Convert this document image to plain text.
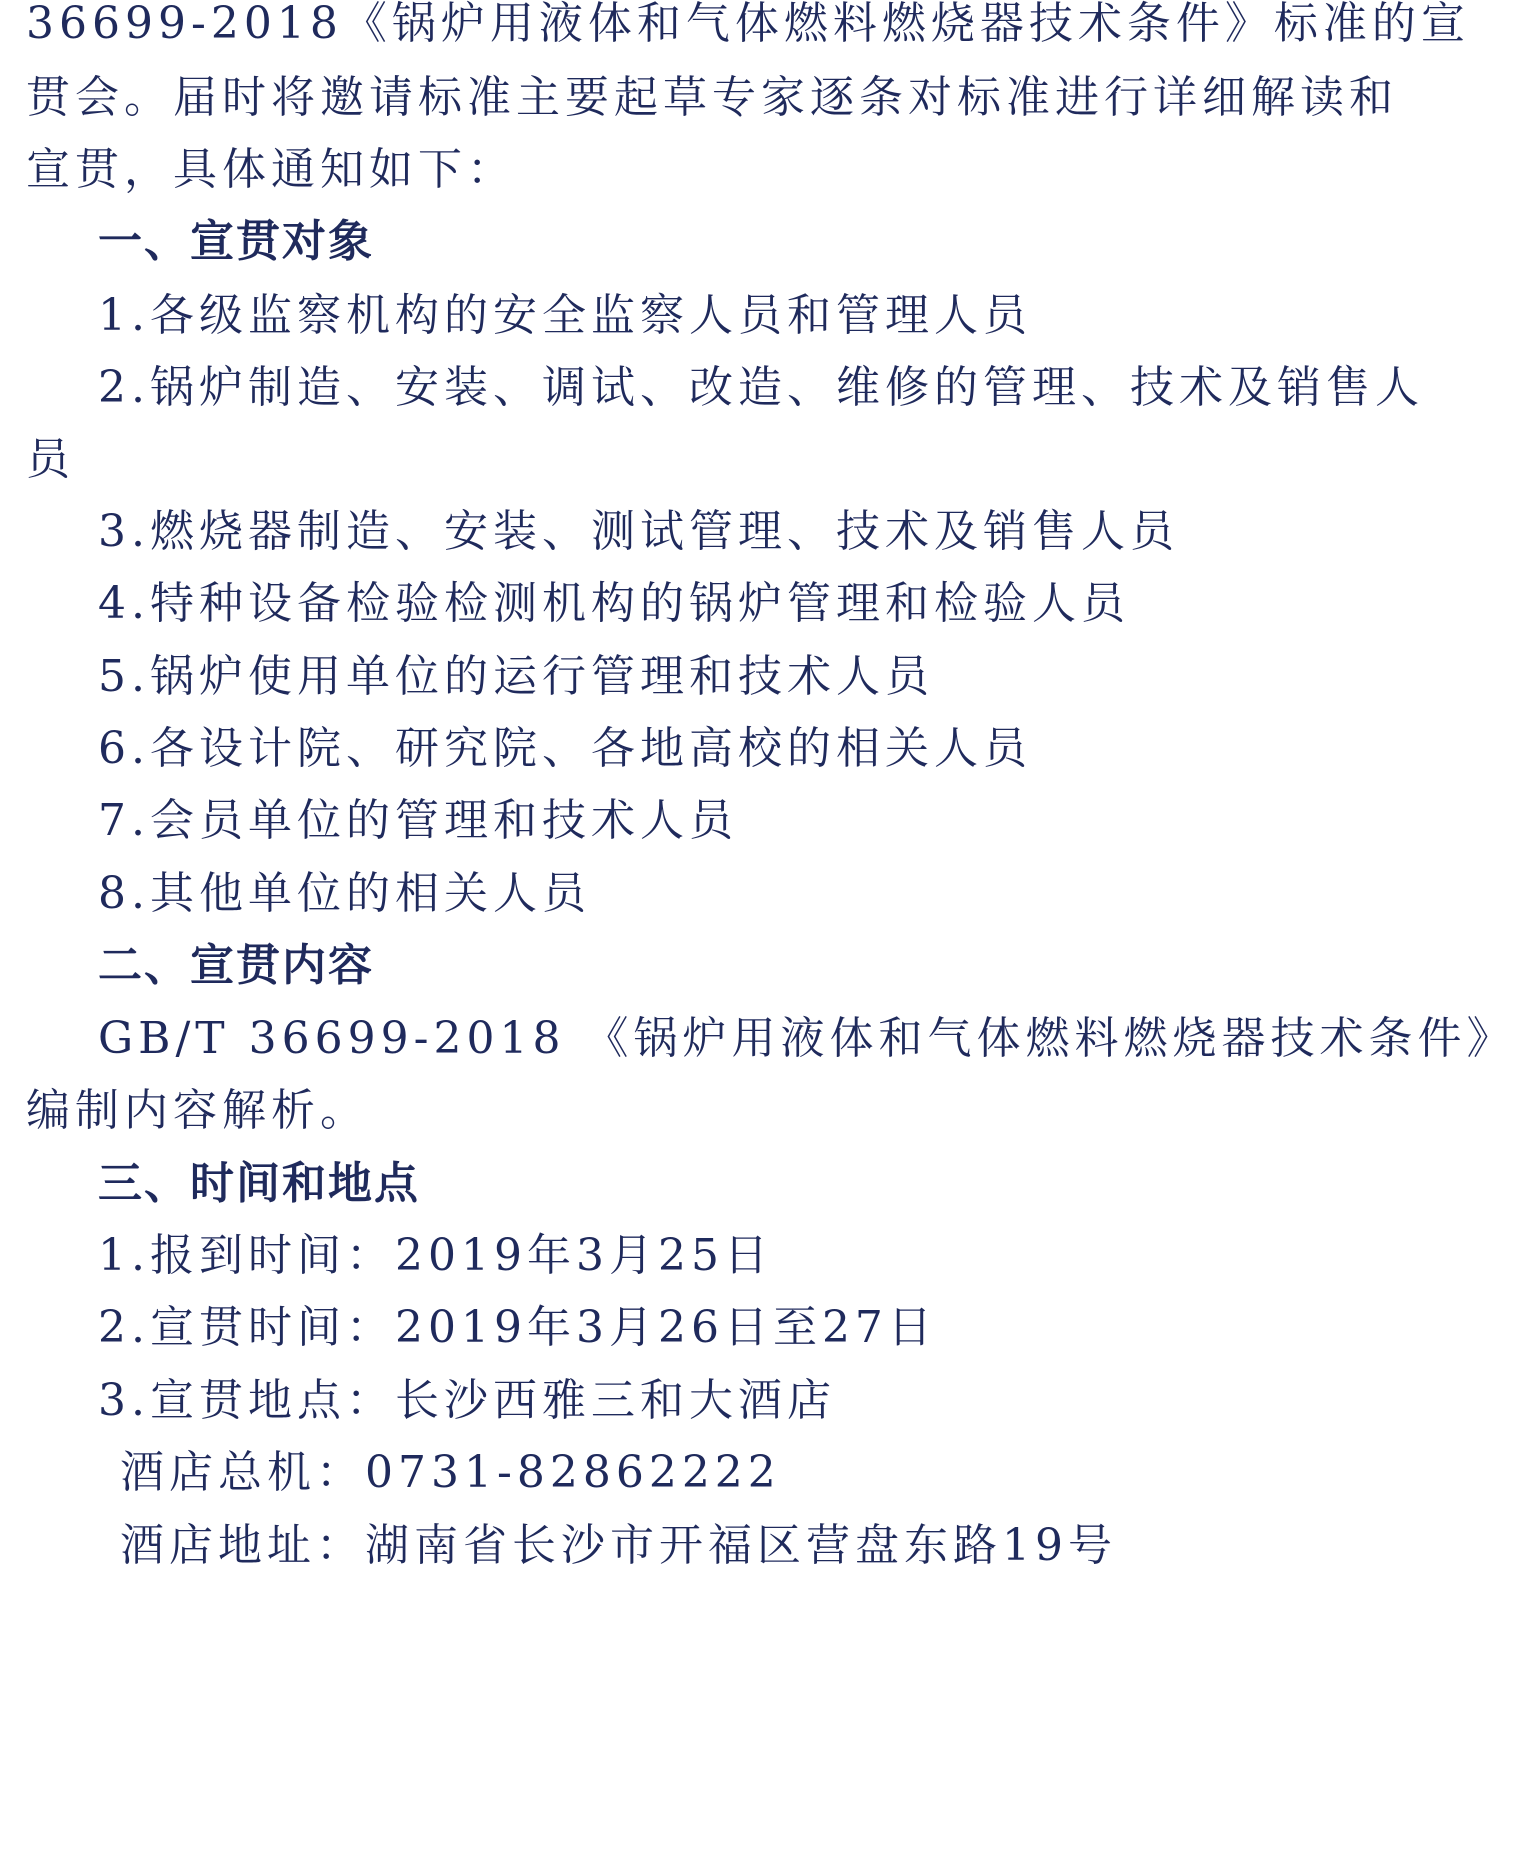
36699-2018《锅炉用液体和气体燃料燃烧器技术条件》标准的宣
贯会。届时将邀请标准主要起草专家逐条对标准进行详细解读和
宣贯，具体通知如下：
一、宣贯对象
1.各级监察机构的安全监察人员和管理人员
2.锅炉制造、安装、调试、改造、维修的管理、技术及销售人
员
3.燃烧器制造、安装、测试管理、技术及销售人员
4.特种设备检验检测机构的锅炉管理和检验人员
5.锅炉使用单位的运行管理和技术人员
6.各设计院、研究院、各地高校的相关人员
7.会员单位的管理和技术人员
8.其他单位的相关人员
二、宣贯内容
GB/T 36699-2018 《锅炉用液体和气体燃料燃烧器技术条件》
编制内容解析。
三、时间和地点
1.报到时间：2019年3月25日
2.宣贯时间：2019年3月26日至27日
3.宣贯地点：长沙西雅三和大酒店
酒店总机：0731-82862222
酒店地址：湖南省长沙市开福区营盘东路19号
